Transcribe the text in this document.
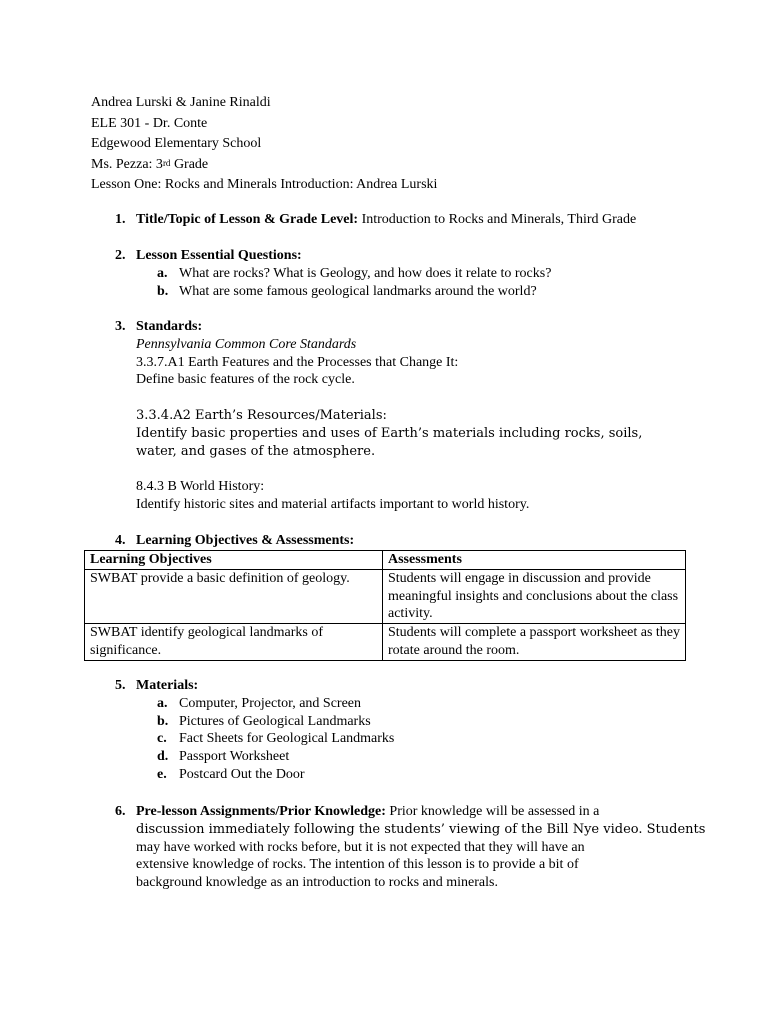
Andrea Lurski & Janine Rinaldi
ELE 301 - Dr. Conte
Edgewood Elementary School
Ms. Pezza: 3rd Grade
Lesson One: Rocks and Minerals Introduction: Andrea Lurski
1. Title/Topic of Lesson & Grade Level: Introduction to Rocks and Minerals, Third Grade
2. Lesson Essential Questions:
a. What are rocks? What is Geology, and how does it relate to rocks?
b. What are some famous geological landmarks around the world?
3. Standards:
Pennsylvania Common Core Standards
3.3.7.A1 Earth Features and the Processes that Change It:
Define basic features of the rock cycle.
3.3.4.A2 Earth’s Resources/Materials:
Identify basic properties and uses of Earth’s materials including rocks, soils, water, and gases of the atmosphere.
8.4.3 B World History:
Identify historic sites and material artifacts important to world history.
4. Learning Objectives & Assessments:
Learning Objectives	Assessments
SWBAT provide a basic definition of geology.	Students will engage in discussion and provide meaningful insights and conclusions about the class activity.
SWBAT identify geological landmarks of significance.	Students will complete a passport worksheet as they rotate around the room.
5. Materials:
a. Computer, Projector, and Screen
b. Pictures of Geological Landmarks
c. Fact Sheets for Geological Landmarks
d. Passport Worksheet
e. Postcard Out the Door
6. Pre-lesson Assignments/Prior Knowledge: Prior knowledge will be assessed in a
discussion immediately following the students’ viewing of the Bill Nye video. Students
may have worked with rocks before, but it is not expected that they will have an
extensive knowledge of rocks. The intention of this lesson is to provide a bit of
background knowledge as an introduction to rocks and minerals.
